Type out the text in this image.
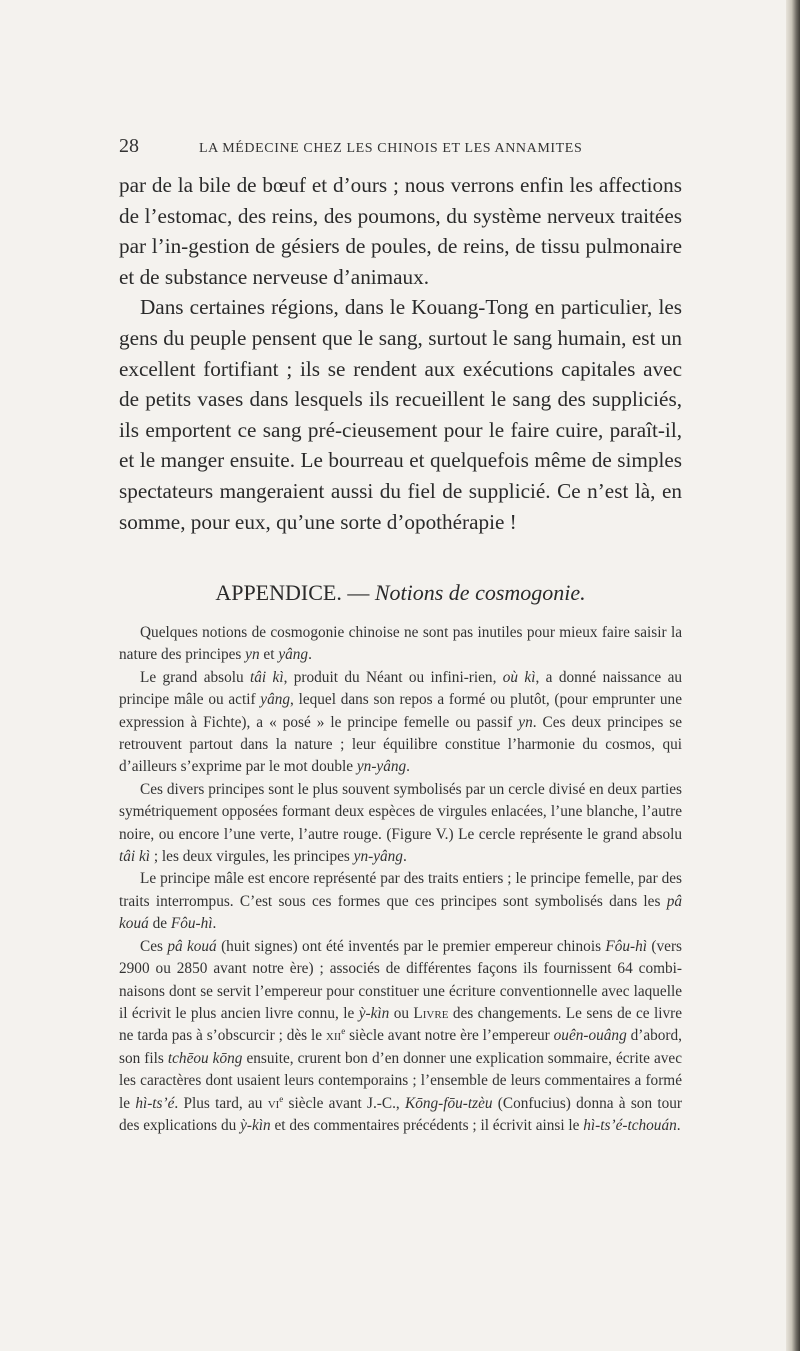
28	LA MÉDECINE CHEZ LES CHINOIS ET LES ANNAMITES

par de la bile de bœuf et d’ours ; nous verrons enfin les affections de l’estomac, des reins, des poumons, du système nerveux traitées par l’in-gestion de gésiers de poules, de reins, de tissu pulmonaire et de substance nerveuse d’animaux.

Dans certaines régions, dans le Kouang-Tong en particulier, les gens du peuple pensent que le sang, surtout le sang humain, est un excellent fortifiant ; ils se rendent aux exécutions capitales avec de petits vases dans lesquels ils recueillent le sang des suppliciés, ils emportent ce sang pré-cieusement pour le faire cuire, paraît-il, et le manger ensuite. Le bourreau et quelquefois même de simples spectateurs mangeraient aussi du fiel de supplicié. Ce n’est là, en somme, pour eux, qu’une sorte d’opothérapie !

APPENDICE. — Notions de cosmogonie.

Quelques notions de cosmogonie chinoise ne sont pas inutiles pour mieux faire saisir la nature des principes yn et yâng.

Le grand absolu tâi kì, produit du Néant ou infini-rien, où kì, a donné naissance au principe mâle ou actif yâng, lequel dans son repos a formé ou plutôt, (pour emprunter une expression à Fichte), a « posé » le principe femelle ou passif yn. Ces deux principes se retrouvent partout dans la nature ; leur équilibre constitue l’harmonie du cosmos, qui d’ailleurs s’exprime par le mot double yn-yâng.

Ces divers principes sont le plus souvent symbolisés par un cercle divisé en deux parties symétriquement opposées formant deux espèces de virgules enlacées, l’une blanche, l’autre noire, ou encore l’une verte, l’autre rouge. (Figure V.) Le cercle représente le grand absolu tâi kì ; les deux virgules, les principes yn-yâng.

Le principe mâle est encore représenté par des traits entiers ; le principe femelle, par des traits interrompus. C’est sous ces formes que ces principes sont symbolisés dans les pâ kouá de Fôu-hì.

Ces pâ kouá (huit signes) ont été inventés par le premier empereur chinois Fôu-hì (vers 2900 ou 2850 avant notre ère) ; associés de différentes façons ils fournissent 64 combi-naisons dont se servit l’empereur pour constituer une écriture conventionnelle avec laquelle il écrivit le plus ancien livre connu, le ỳ-kìn ou Livre des changements. Le sens de ce livre ne tarda pas à s’obscurcir ; dès le xii$^e$ siècle avant notre ère l’empereur ouên-ouâng d’abord, son fils tchēou kōng ensuite, crurent bon d’en donner une explication sommaire, écrite avec les caractères dont usaient leurs contemporains ; l’ensemble de leurs commentaires a formé le hì-ts’é. Plus tard, au $vi^e$ siècle avant J.-C., Kōng-fōu-tzèu (Confucius) donna à son tour des explications du ỳ-kìn et des commentaires précédents ; il écrivit ainsi le hì-ts’é-tchouán.
